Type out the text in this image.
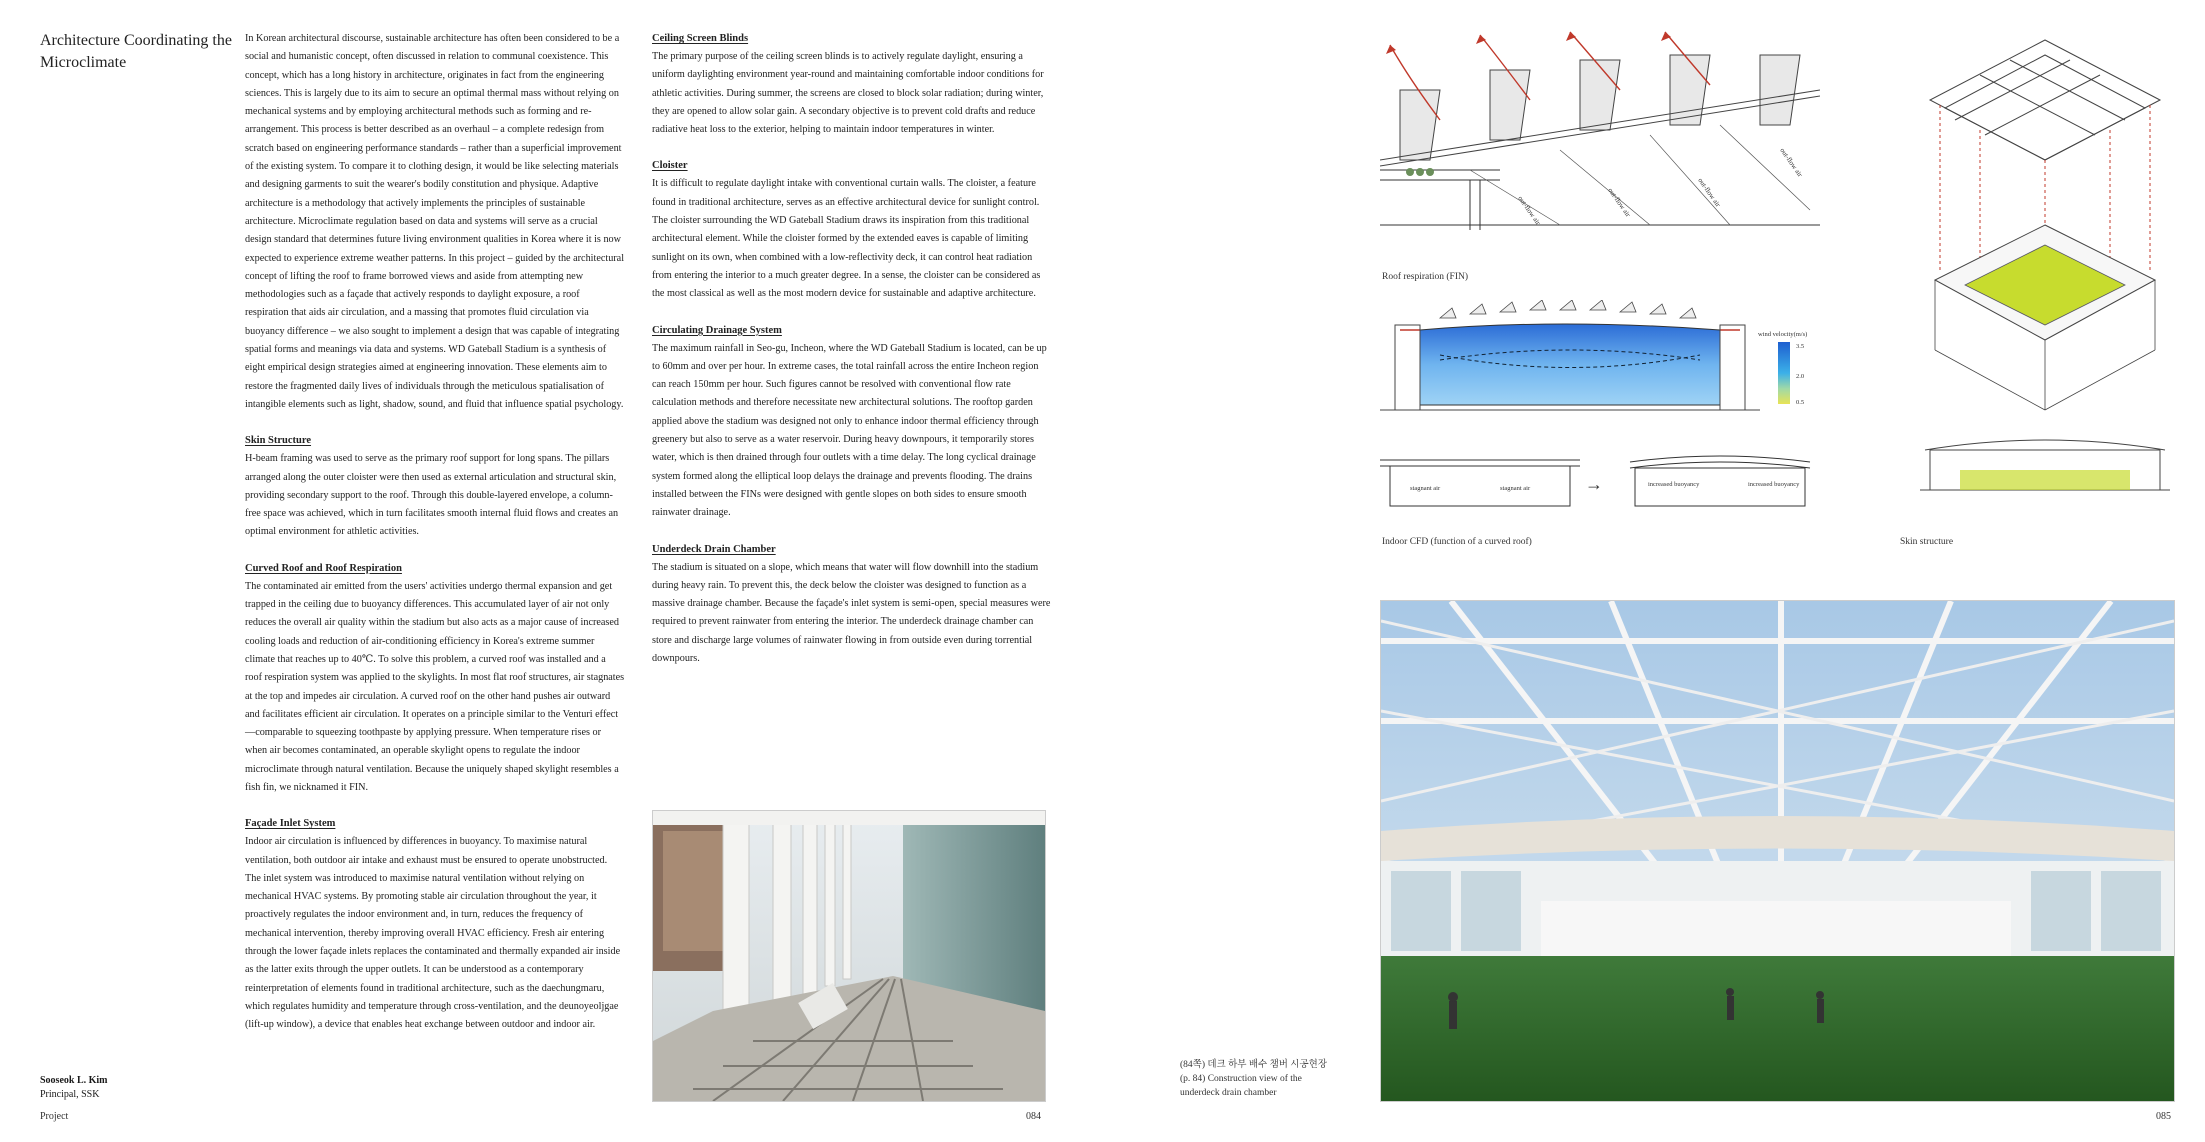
Architecture Coordinating the Microclimate

In Korean architectural discourse, sustainable architecture has often been considered to be a social and humanistic concept, often discussed in relation to communal coexistence. This concept, which has a long history in architecture, originates in fact from the engineering sciences. This is largely due to its aim to secure an optimal thermal mass without relying on mechanical systems and by employing architectural methods such as forming and re-arrangement. This process is better described as an overhaul – a complete redesign from scratch based on engineering performance standards – rather than a superficial improvement of the existing system. To compare it to clothing design, it would be like selecting materials and designing garments to suit the wearer's bodily constitution and physique. Adaptive architecture is a methodology that actively implements the principles of sustainable architecture. Microclimate regulation based on data and systems will serve as a crucial design standard that determines future living environment qualities in Korea where it is now expected to experience extreme weather patterns. In this project – guided by the architectural concept of lifting the roof to frame borrowed views and aside from attempting new methodologies such as a façade that actively responds to daylight exposure, a roof respiration that aids air circulation, and a massing that promotes fluid circulation via buoyancy difference – we also sought to implement a design that was capable of integrating spatial forms and meanings via data and systems. WD Gateball Stadium is a synthesis of eight empirical design strategies aimed at engineering innovation. These elements aim to restore the fragmented daily lives of individuals through the meticulous spatialisation of intangible elements such as light, shadow, sound, and fluid that influence spatial psychology.

Skin Structure

H-beam framing was used to serve as the primary roof support for long spans. The pillars arranged along the outer cloister were then used as external articulation and structural skin, providing secondary support to the roof. Through this double-layered envelope, a column-free space was achieved, which in turn facilitates smooth internal fluid flows and creates an optimal environment for athletic activities.

Curved Roof and Roof Respiration

The contaminated air emitted from the users' activities undergo thermal expansion and get trapped in the ceiling due to buoyancy differences. This accumulated layer of air not only reduces the overall air quality within the stadium but also acts as a major cause of increased cooling loads and reduction of air-conditioning efficiency in Korea's extreme summer climate that reaches up to 40℃. To solve this problem, a curved roof was installed and a roof respiration system was applied to the skylights. In most flat roof structures, air stagnates at the top and impedes air circulation. A curved roof on the other hand pushes air outward and facilitates efficient air circulation. It operates on a principle similar to the Venturi effect—comparable to squeezing toothpaste by applying pressure. When temperature rises or when air becomes contaminated, an operable skylight opens to regulate the indoor microclimate through natural ventilation. Because the uniquely shaped skylight resembles a fish fin, we nicknamed it FIN.

Façade Inlet System

Indoor air circulation is influenced by differences in buoyancy. To maximise natural ventilation, both outdoor air intake and exhaust must be ensured to operate unobstructed. The inlet system was introduced to maximise natural ventilation without relying on mechanical HVAC systems. By promoting stable air circulation throughout the year, it proactively regulates the indoor environment and, in turn, reduces the frequency of mechanical intervention, thereby improving overall HVAC efficiency. Fresh air entering through the lower façade inlets replaces the contaminated and thermally expanded air inside as the latter exits through the upper outlets. It can be understood as a contemporary reinterpretation of elements found in traditional architecture, such as the daechungmaru, which regulates humidity and temperature through cross-ventilation, and the deunoyeoljgae (lift-up window), a device that enables heat exchange between outdoor and indoor air.

Ceiling Screen Blinds

The primary purpose of the ceiling screen blinds is to actively regulate daylight, ensuring a uniform daylighting environment year-round and maintaining comfortable indoor conditions for athletic activities. During summer, the screens are closed to block solar radiation; during winter, they are opened to allow solar gain. A secondary objective is to prevent cold drafts and reduce radiative heat loss to the exterior, helping to maintain indoor temperatures in winter.

Cloister

It is difficult to regulate daylight intake with conventional curtain walls. The cloister, a feature found in traditional architecture, serves as an effective architectural device for sunlight control. The cloister surrounding the WD Gateball Stadium draws its inspiration from this traditional architectural element. While the cloister formed by the extended eaves is capable of limiting sunlight on its own, when combined with a low-reflectivity deck, it can control heat radiation from entering the interior to a much greater degree. In a sense, the cloister can be considered as the most classical as well as the most modern device for sustainable and adaptive architecture.

Circulating Drainage System

The maximum rainfall in Seo-gu, Incheon, where the WD Gateball Stadium is located, can be up to 60mm and over per hour. In extreme cases, the total rainfall across the entire Incheon region can reach 150mm per hour. Such figures cannot be resolved with conventional flow rate calculation methods and therefore necessitate new architectural solutions. The rooftop garden applied above the stadium was designed not only to enhance indoor thermal efficiency through greenery but also to serve as a water reservoir. During heavy downpours, it temporarily stores water, which is then drained through four outlets with a time delay. The long cyclical drainage system formed along the elliptical loop delays the drainage and prevents flooding. The drains installed between the FINs were designed with gentle slopes on both sides to ensure smooth rainwater drainage.

Underdeck Drain Chamber

The stadium is situated on a slope, which means that water will flow downhill into the stadium during heavy rain. To prevent this, the deck below the cloister was designed to function as a massive drainage chamber. Because the façade's inlet system is semi-open, special measures were required to prevent rainwater from entering the interior. The underdeck drainage chamber can store and discharge large volumes of rainwater flowing in from outside even during torrential downpours.

Sooseok L. Kim
Principal, SSK
Project	084
out-flow air	out-flow air	out-flow air
out-flow air
Roof respiration (FIN)
wind velocity(m/s)
3.5
2.0
0.5
stagnant air	stagnant air
increased buoyancy	increased buoyancy
→
Indoor CFD (function of a curved roof)	Skin structure
(84쪽) 데크 하부 배수 챔버 시공현장
(p. 84) Construction view of the underdeck drain chamber
085
